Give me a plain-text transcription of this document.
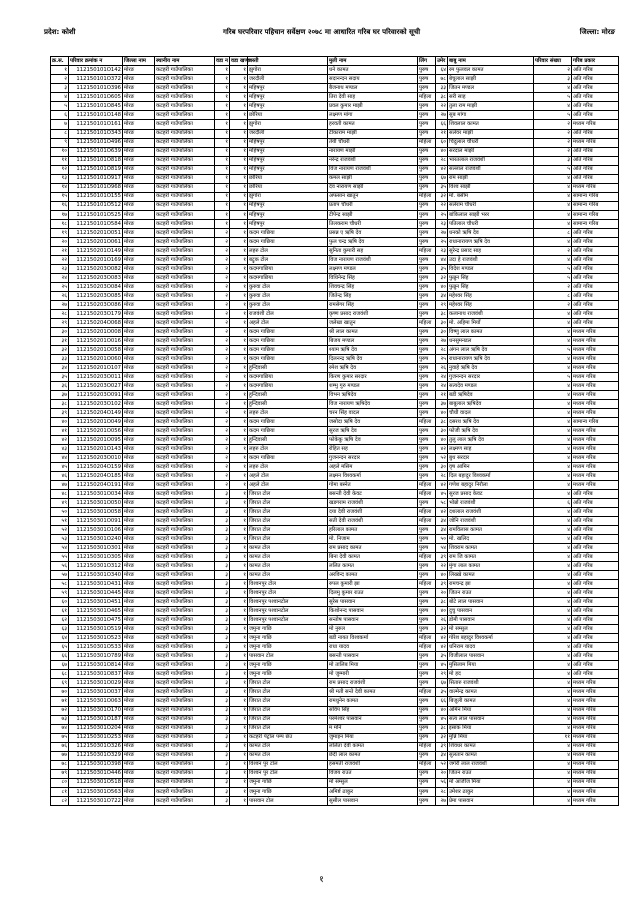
प्रदेश: कोशी	गरिब घरपरिवार पहिचान सर्वेक्षण २०७८ मा आधारित गरिब घर परिवारको सूची	जिल्ला: मोरङ
क्र.स.	परिवार क्रमांक न	जिल्ला नाम	स्थानीय नाम	वडा न	वडा खण्ड	बस्ती	मुली नाम	लिंग	उमेर	बाबु नाम	परिवार संख्या	गरिब प्रकार
१	112150101O142	मोरङ	कटहरी गाउँपालिका	१	१	झुगोरा	धने कामत	पुरुष	६४	रम फुलवल कामत	२	अति गरिब
२	112150101O372	मोरङ	कटहरी गाउँपालिका	१	१	जरदौली	सदानन्दन सदाय	पुरुष	७८	बेचुलाल साझी	३	अति गरिब
३	112150101O396	मोरङ	कटहरी गाउँपालिका	१	१	महिषपुर	बैजनाथ मण्डल	पुरुष	३३	जितन मण्डल	४	अति गरिब
४	112150101O605	मोरङ	कटहरी गाउँपालिका	१	१	महिषपुर	तिरा देवी साह	महिला	३८	सरी साह	५	अति गरिब
५	112150101O845	मोरङ	कटहरी गाउँपालिका	१	१	महिषपुर	प्रवल कुमार माझी	पुरुष	२२	तुला राम माझी	४	अति गरिब
६	112150101O148	मोरङ	कटहरी गाउँपालिका	१	१	छोरिया	लक्ष्मण मांगा	पुरुष	२७	सुब मांगा	५	अति गरिब
७	112150101O161	मोरङ	कटहरी गाउँपालिका	१	१	झुगोरा	हरवती कामत	पुरुष	६६	शिवलाल कामत	२	मध्यम गरिब
८	112150101O343	मोरङ	कटहरी गाउँपालिका	१	१	जरदौली	टीकाराम माझी	पुरुष	२१	सलेवर माझी	२	अति गरिब
९	112150101O496	मोरङ	कटहरी गाउँपालिका	१	१	महिषपुर	तेंयी चौधरी	महिला	६०	चिदुलाल चौधरी	२	मध्यम गरिब
१०	112150101O639	मोरङ	कटहरी गाउँपालिका	१	१	महिषपुर	नारायण माझी	पुरुष	४०	सरदाल माझी	२	अति गरिब
११	112150101O818	मोरङ	कटहरी गाउँपालिका	१	१	महिषपुर	नरेन्द्र राजवंशी	पुरुष	२८	भारतलाल राजवंशी	३	अति गरिब
१२	112150101O819	मोरङ	कटहरी गाउँपालिका	१	१	महिषपुर	विज नारायण राजवंशी	पुरुष	४२	सल्लाल राजवंशी	५	अति गरिब
१३	112150101O917	मोरङ	कटहरी गाउँपालिका	१	१	छोरिया	कमल साझी	पुरुष	६७	राम साझी	४	अति गरिब
१४	112150101O968	मोरङ	कटहरी गाउँपालिका	१	१	छोरिया	देव नारायण साझी	पुरुष	३५	विश्व साझी	४	मध्यम गरिब
१५	112150101O155	मोरङ	कटहरी गाउँपालिका	१	१	झुगोरा	अफसान खातुन	महिला	३२	मो. बसीम	४	सामान्य गरिब
१६	112150101O512	मोरङ	कटहरी गाउँपालिका	१	१	महिषपुर	प्रताप चौधरी	पुरुष	२२	सलेराम चौधरी	४	सामान्य गरिब
१७	112150101O525	मोरङ	कटहरी गाउँपालिका	१	१	महिषपुर	टीपेन्द्र साझी	पुरुष	२५	बांकिलाल साझी भरर	४	सामान्य गरिब
१८	112150101O584	मोरङ	कटहरी गाउँपालिका	१	१	महिषपुर	तिलकराम चौधरी	पुरुष	२३	पतिलाल चौधरी	४	सामान्य गरिब
१९	112150201O051	मोरङ	कटहरी गाउँपालिका	२	१	कदम गाछिया	प्रसन्न ए ऋषि देव	पुरुष	२७	धनको ऋषि देव	८	अति गरिब
२०	112150201O061	मोरङ	कटहरी गाउँपालिका	२	१	कदम गाछिया	फुल चन्द्र ऋषि देव	पुरुष	२५	राधानारायण ऋषि देव	४	अति गरिब
२१	112150201O149	मोरङ	कटहरी गाउँपालिका	२	१	लहरु टोल	सुनिता कुमारी सह	महिला	२३	सुरेन्द्र प्रसाद साह	२	अति गरिब
२२	112150201O169	मोरङ	कटहरी गाउँपालिका	२	१	बट्रुक टोल	विज नारायण राजवंशी	पुरुष	४४	उदा हे राजवंशी	४	अति गरिब
२३	112150203O082	मोरङ	कटहरी गाउँपालिका	२	१	कदमगाछिया	लक्ष्मण मण्डल	पुरुष	३५	विदेश मण्डल	५	अति गरिब
२४	112150203O083	मोरङ	कटहरी गाउँपालिका	२	१	कदमगाछिया	विधिनेन्द्र सिंह	पुरुष	३२	फुन्नुन सिंह	५	अति गरिब
२५	112150203O084	मोरङ	कटहरी गाउँपालिका	२	१	कुरुवा टोल	शिवचन्द्र सिंह	पुरुष	४०	फुन्नुन सिंह	२	अति गरिब
२६	112150203O085	मोरङ	कटहरी गाउँपालिका	२	१	कुरुवा टोल	जितेन्द्र सिंह	पुरुष	३४	महेश्वर सिंह	८	अति गरिब
२७	112150203O086	मोरङ	कटहरी गाउँपालिका	२	१	कुरुवा टोल	रामसेगर सिंह	पुरुष	२९	महेश्वर सिंह	२	अति गरिब
२८	112150203O179	मोरङ	कटहरी गाउँपालिका	२	१	राजवंशी टोल	कृष्ण प्रसाद राजवंशी	पुरुष	३८	कलानाथ राजवंशी	४	अति गरिब
२९	112150204O068	मोरङ	कटहरी गाउँपालिका	२	१	अहले टोल	जलेखा खातुन	महिला	३०	मो. अहिमा मियाँ	४	अति गरिब
३०	112150201O008	मोरङ	कटहरी गाउँपालिका	२	१	कदम गाछिया	श्री लाल कामत	पुरुष	३०	विष्णु लाल कामत	४	मध्यम गरिब
३१	112150201O016	मोरङ	कटहरी गाउँपालिका	२	१	कदम गाछिया	बिजय मण्डल	पुरुष	२७	धनसुमनडल	४	मध्यम गरिब
३२	112150201O058	मोरङ	कटहरी गाउँपालिका	२	१	कदम गाछिया	श्याम ऋषि देव	पुरुष	२८	अंगन लाल ऋषि देव	५	मध्यम गरिब
३३	112150201O060	मोरङ	कटहरी गाउँपालिका	२	१	कदम गाछिया	दिलनन्द्र ऋषि देव	पुरुष	२५	राधानारायण ऋषि देव	४	मध्यम गरिब
३४	112150201O107	मोरङ	कटहरी गाउँपालिका	२	१	हुन्दिवासी	रमेश ऋषि देव	पुरुष	२६	नुवाहे ऋषि देव	४	मध्यम गरिब
३५	112150203O011	मोरङ	कटहरी गाउँपालिका	२	१	कदमगाछिया	किरण कुमार सरदार	पुरुष	२४	गुजनन्दन सरदार	५	मध्यम गरिब
३६	112150203O027	मोरङ	कटहरी गाउँपालिका	२	१	कदमगाछिया	शम्भु गुरु मण्डल	पुरुष	२४	सत्यदेव मण्डल	४	मध्यम गरिब
३७	112150203O091	मोरङ	कटहरी गाउँपालिका	२	१	हुन्दिवासी	विभन ऋषिदेव	पुरुष	२१	बडी ऋषिदेव	४	मध्यम गरिब
३८	112150203O102	मोरङ	कटहरी गाउँपालिका	२	१	हुन्दिवासी	विज नारायण ऋषिदेव	पुरुष	३७	बाबुलाल ऋषिदेव	४	मध्यम गरिब
३९	112150204O149	मोरङ	कटहरी गाउँपालिका	२	१	लहरु टोल	चरन सिंह वादल	पुरुष	४०	चौधी वादल	४	मध्यम गरिब
४०	112150201O049	मोरङ	कटहरी गाउँपालिका	२	१	कदम गाछिया	जसोदा ऋषि देव	महिला	३८	दसरथ ऋषि देव	४	सामान्य गरिब
४१	112150201O056	मोरङ	कटहरी गाउँपालिका	२	१	कदम गाछिया	सुरज ऋषि देव	पुरुष	३०	फोजी ऋषि देव	४	मध्यम गरिब
४२	112150201O095	मोरङ	कटहरी गाउँपालिका	२	१	हुन्दिवासी	फोकेकु ऋषि देव	पुरुष	४०	तुलु लाल ऋषि देव	४	मध्यम गरिब
४३	112150201O143	मोरङ	कटहरी गाउँपालिका	२	१	लहरु टोल	रोहित सह	पुरुष	४२	लक्ष्मण साह	४	मध्यम गरिब
४४	112150203O010	मोरङ	कटहरी गाउँपालिका	२	१	कदम गाछिया	गुजनन्दन सरदार	पुरुष	५२	बुथ सरदार	४	मध्यम गरिब
४५	112150204O159	मोरङ	कटहरी गाउँपालिका	२	१	लहरु टोल	अहले मसिम	पुरुष	३०	वृष आमिन	४	मध्यम गरिब
४६	112150204O185	मोरङ	कटहरी गाउँपालिका	२	१	अहले टोल	लक्ष्मन विश्वकर्मा	पुरुष	२८	दिल बहादुर विश्वकर्मा	४	मध्यम गरिब
४७	112150204O191	मोरङ	कटहरी गाउँपालिका	२	१	अहले टोल	गोमा बस्नेत	महिला	४२	गणेश बहादुर निरौला	४	मध्यम गरिब
४८	112150301O034	मोरङ	कटहरी गाउँपालिका	३	१	जिरात टोल	बसन्ती देवी केवट	महिला	४५	सुरज प्रसाद केवट	४	अति गरिब
४९	112150301O050	मोरङ	कटहरी गाउँपालिका	३	१	जिरात टोल	खडगराम राजवंशी	पुरुष	५८	भोन्नो राजवंशी	६	अति गरिब
५०	112150301O058	मोरङ	कटहरी गाउँपालिका	३	१	जिरात टोल	दया देवी राजवंशी	महिला	४२	दशलाल राजवंशी	४	अति गरिब
५१	112150301O091	मोरङ	कटहरी गाउँपालिका	३	१	जिरात टोल	सती देवी राजवंशी	महिला	३४	जोनि राजवंशी	४	अति गरिब
५२	112150301O106	मोरङ	कटहरी गाउँपालिका	३	१	जिरात टोल	हरिलाल कामत	पुरुष	३४	रामविलास कामत	४	अति गरिब
५३	112150301O240	मोरङ	कटहरी गाउँपालिका	३	१	जिरात टोल	मो. निजाम	पुरुष	५०	मो. खलिद	४	अति गरिब
५४	112150301O301	मोरङ	कटहरी गाउँपालिका	३	१	कामत टोल	राम प्रसाद कामत	पुरुष	५४	शिवराम कामत	४	अति गरिब
५५	112150301O305	मोरङ	कटहरी गाउँपालिका	३	१	कामत टोल	बिना देवी कामत	महिला	३९	राम जि कामत	४	अति गरिब
५६	112150301O312	मोरङ	कटहरी गाउँपालिका	३	१	कामत टोल	ललित कामत	पुरुष	२२	मुंगा लाल कामत	४	अति गरिब
५७	112150301O340	मोरङ	कटहरी गाउँपालिका	३	१	कामत टोल	अरविन्द कामत	पुरुष	४०	लिख्खे कामत	४	अति गरिब
५८	112150301O431	मोरङ	कटहरी गाउँपालिका	३	१	विश्वनपुर टोल	रुपल कुमारी झा	महिला	३९	रामचन्द्र झा	४	अति गरिब
५९	112150301O445	मोरङ	कटहरी गाउँपालिका	३	१	विश्वनपुर टोल	दिलमु कुमार राउत	पुरुष	२०	जितन राउत	४	अति गरिब
६०	112150301O451	मोरङ	कटहरी गाउँपालिका	३	१	विश्वनपुर पश्वानटोल	सुरेस पासवान	पुरुष	३८	बोटे लाल पासवान	४	अति गरिब
६१	112150301O465	मोरङ	कटहरी गाउँपालिका	३	१	विश्वनपुर पश्वानटोल	किशोनन्द पासवान	पुरुष	४०	दुचु पासवान	४	अति गरिब
६२	112150301O475	मोरङ	कटहरी गाउँपालिका	३	१	विश्वनपुर पश्वानटोल	सन्तोष पासवान	पुरुष	२६	डोमी पासवान	४	अति गरिब
६३	112150301O519	मोरङ	कटहरी गाउँपालिका	३	१	जमुना गाछि	मो नुरुल	पुरुष	३२	मो सम्सुल	४	अति गरिब
६४	112150301O523	मोरङ	कटहरी गाउँपालिका	३	१	जमुना गाछि	बडी नायत विश्वकर्मा	महिला	४२	गोरेश बहादुर विश्वकर्मा	४	अति गरिब
६५	112150301O533	मोरङ	कटहरी गाउँपालिका	३	१	जमुना गाछि	राधा यादव	महिला	४२	धनिराम यादव	४	अति गरिब
६६	112150301O789	मोरङ	कटहरी गाउँपालिका	३	१	पासवान टोल	बसन्ती पासवान	पुरुष	३५	विजीलाल पासवान	४	अति गरिब
६७	112150301O814	मोरङ	कटहरी गाउँपालिका	३	१	जमुना गाछि	मो तालिब मिया	पुरुष	४५	मुसिलाम मिया	४	अति गरिब
६८	112150301O837	मोरङ	कटहरी गाउँपालिका	३	१	जमुना गाछि	मो जुम्मारी	पुरुष	२९	मो हद	४	अति गरिब
६९	112150301O029	मोरङ	कटहरी गाउँपालिका	३	१	जिरात टोल	राम प्रसाद राजवंशी	पुरुष	६७	सितारु राजवंशी	४	मध्यम गरिब
७०	112150301O037	मोरङ	कटहरी गाउँपालिका	३	१	जिरात टोल	श्री मती सन्ते देवी कामत	महिला	३५	वाल्मेन्द्र कामत	४	मध्यम गरिब
७१	112150301O063	मोरङ	कटहरी गाउँपालिका	३	१	जिरात टोल	रामधुनेन कामत	पुरुष	६६	बिजुली कामत	४	मध्यम गरिब
७२	112150301O170	मोरङ	कटहरी गाउँपालिका	३	१	जिरात टोल	सविप सिंह	पुरुष	४०	अमिन मिया	४	मध्यम गरिब
७३	112150301O187	मोरङ	कटहरी गाउँपालिका	३	१	जिरात टोल	परमेश्वर पासवान	पुरुष	४५	सत्य लाल पासवान	४	मध्यम गरिब
७४	112150301O204	मोरङ	कटहरी गाउँपालिका	३	१	जिरात टोल	म मनि	पुरुष	३८	इसाक मिया	४	मध्यम गरिब
७५	112150301O253	मोरङ	कटहरी गाउँपालिका	३	१	कटहरी पेट्रोल पम्प छेउ	जुमाइन मिया	पुरुष	३२	मुन्नि मिया	११	मध्यम गरिब
७६	112150301O326	मोरङ	कटहरी गाउँपालिका	३	१	कामत टोल	ललिता देवी कामत	महिला	३९	शिवधर कामत	४	मध्यम गरिब
७७	112150301O329	मोरङ	कटहरी गाउँपालिका	३	१	कामत टोल	छेदी लाल कामत	पुरुष	३४	सुलतान कामत	४	मध्यम गरिब
७८	112150301O398	मोरङ	कटहरी गाउँपालिका	३	१	विश्वन पुर टोल	हसमती राजवंशी	महिला	५२	जगेरी लाल राजवंशी	४	मध्यम गरिब
७९	112150301O446	मोरङ	कटहरी गाउँपालिका	३	१	विश्वन पुर टोल	विजय राउत	पुरुष	२०	जितन राउत	४	मध्यम गरिब
८०	112150301O518	मोरङ	कटहरी गाउँपालिका	३	१	जमुना गाछि	मो सम्सुल	पुरुष	५६	मो आजीज मिया	४	मध्यम गरिब
८१	112150301O563	मोरङ	कटहरी गाउँपालिका	३	१	जमुना गाछि	अमिर्ष्ट ठाकुर	पुरुष	२८	उमेशर ठाकुर	४	मध्यम गरिब
८२	112150301O722	मोरङ	कटहरी गाउँपालिका	३	१	पासवान टोल	सुसील पासवान	पुरुष	२७	प्रेमा पासवान	४	मध्यम गरिब
१
